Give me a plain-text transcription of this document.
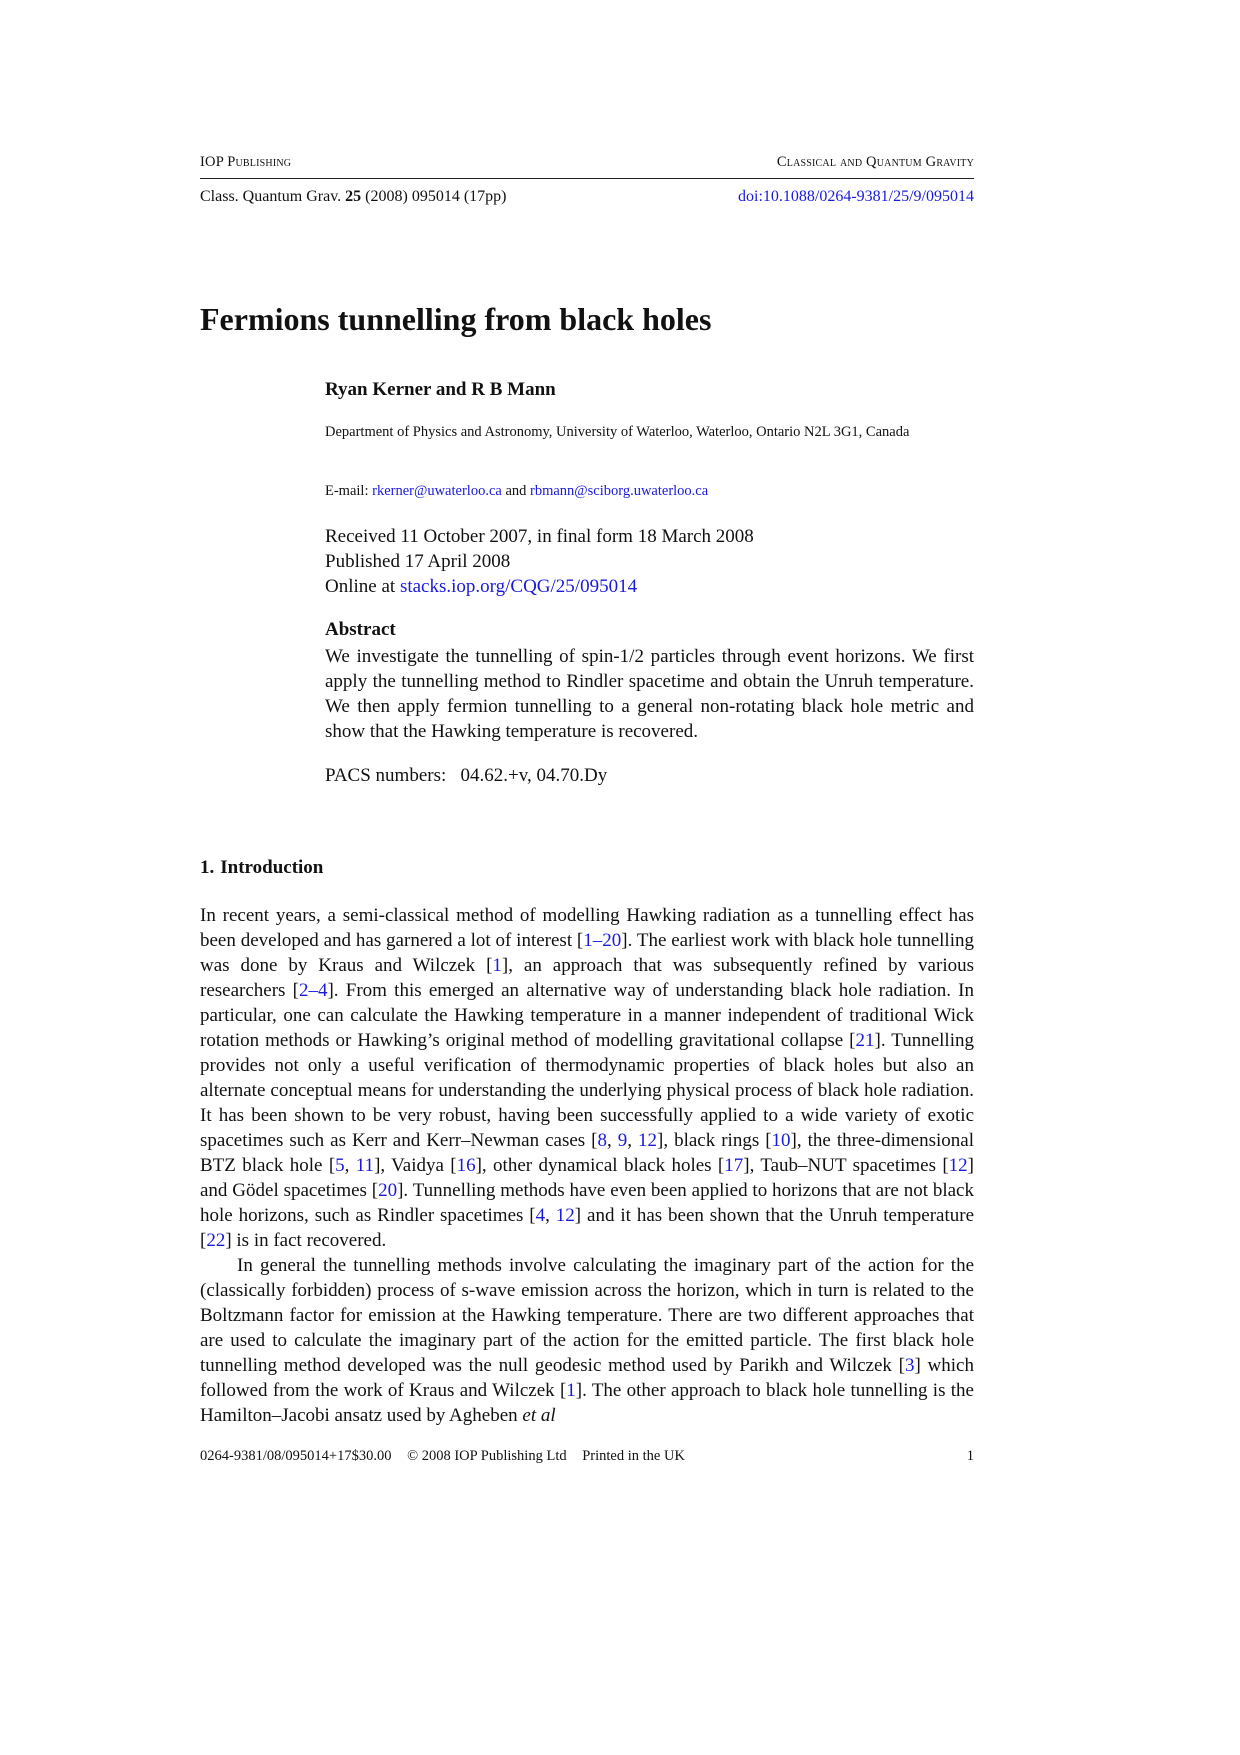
IOP Publishing	Classical and Quantum Gravity
Class. Quantum Grav. 25 (2008) 095014 (17pp)	doi:10.1088/0264-9381/25/9/095014
Fermions tunnelling from black holes
Ryan Kerner and R B Mann
Department of Physics and Astronomy, University of Waterloo, Waterloo, Ontario N2L 3G1, Canada
E-mail: rkerner@uwaterloo.ca and rbmann@sciborg.uwaterloo.ca
Received 11 October 2007, in final form 18 March 2008
Published 17 April 2008
Online at stacks.iop.org/CQG/25/095014
Abstract
We investigate the tunnelling of spin-1/2 particles through event horizons. We first apply the tunnelling method to Rindler spacetime and obtain the Unruh temperature. We then apply fermion tunnelling to a general non-rotating black hole metric and show that the Hawking temperature is recovered.
PACS numbers: 04.62.+v, 04.70.Dy
1. Introduction

In recent years, a semi-classical method of modelling Hawking radiation as a tunnelling effect has been developed and has garnered a lot of interest [1–20]. The earliest work with black hole tunnelling was done by Kraus and Wilczek [1], an approach that was subsequently refined by various researchers [2–4]. From this emerged an alternative way of understanding black hole radiation. In particular, one can calculate the Hawking temperature in a manner independent of traditional Wick rotation methods or Hawking’s original method of modelling gravitational collapse [21]. Tunnelling provides not only a useful verification of thermodynamic properties of black holes but also an alternate conceptual means for understanding the underlying physical process of black hole radiation. It has been shown to be very robust, having been successfully applied to a wide variety of exotic spacetimes such as Kerr and Kerr–Newman cases [8, 9, 12], black rings [10], the three-dimensional BTZ black hole [5, 11], Vaidya [16], other dynamical black holes [17], Taub–NUT spacetimes [12] and Gödel spacetimes [20]. Tunnelling methods have even been applied to horizons that are not black hole horizons, such as Rindler spacetimes [4, 12] and it has been shown that the Unruh temperature [22] is in fact recovered.

In general the tunnelling methods involve calculating the imaginary part of the action for the (classically forbidden) process of s-wave emission across the horizon, which in turn is related to the Boltzmann factor for emission at the Hawking temperature. There are two different approaches that are used to calculate the imaginary part of the action for the emitted particle. The first black hole tunnelling method developed was the null geodesic method used by Parikh and Wilczek [3] which followed from the work of Kraus and Wilczek [1]. The other approach to black hole tunnelling is the Hamilton–Jacobi ansatz used by Agheben et al

0264-9381/08/095014+17$30.00 © 2008 IOP Publishing Ltd Printed in the UK	1
